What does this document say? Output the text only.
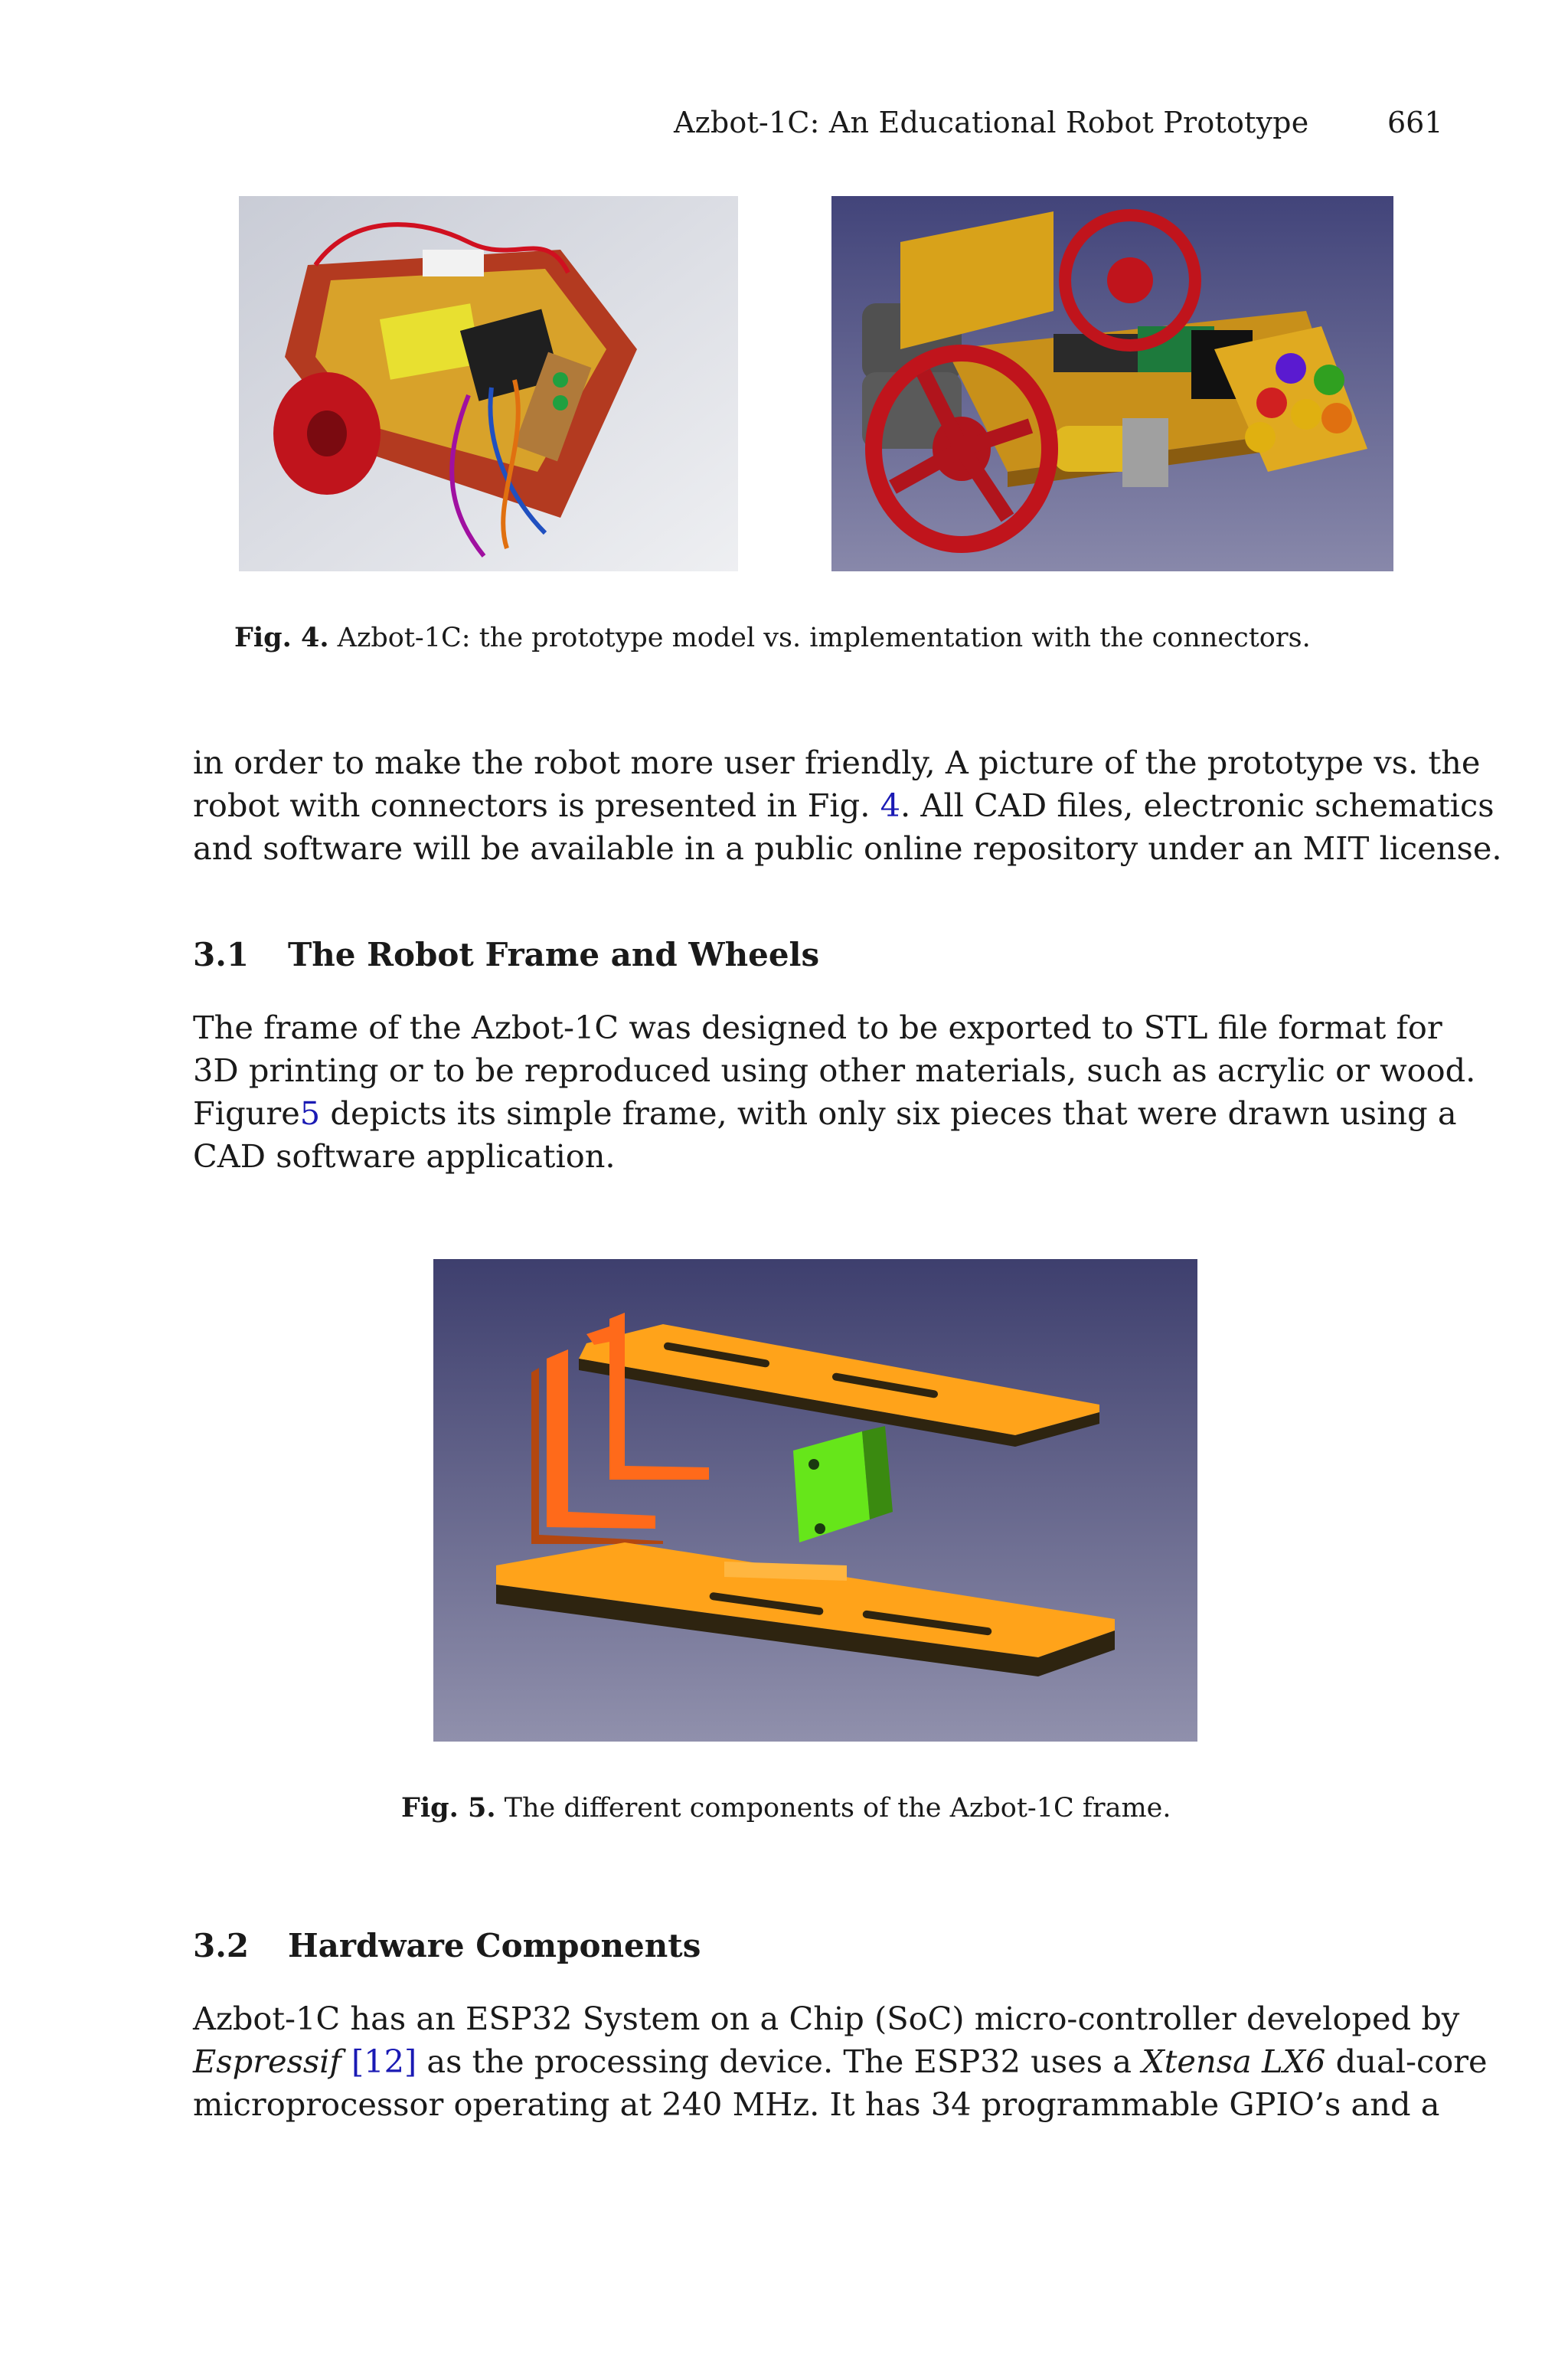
Azbot-1C: An Educational Robot Prototype	661
Fig. 4. Azbot-1C: the prototype model vs. implementation with the connectors.
in order to make the robot more user friendly, A picture of the prototype vs. the
robot with connectors is presented in Fig. 4. All CAD files, electronic schematics
and software will be available in a public online repository under an MIT license.
3.1 The Robot Frame and Wheels
The frame of the Azbot-1C was designed to be exported to STL file format for
3D printing or to be reproduced using other materials, such as acrylic or wood.
Figure5 depicts its simple frame, with only six pieces that were drawn using a
CAD software application.
Fig. 5. The different components of the Azbot-1C frame.
3.2 Hardware Components
Azbot-1C has an ESP32 System on a Chip (SoC) micro-controller developed by
Espressif [12] as the processing device. The ESP32 uses a Xtensa LX6 dual-core
microprocessor operating at 240 MHz. It has 34 programmable GPIO’s and a
